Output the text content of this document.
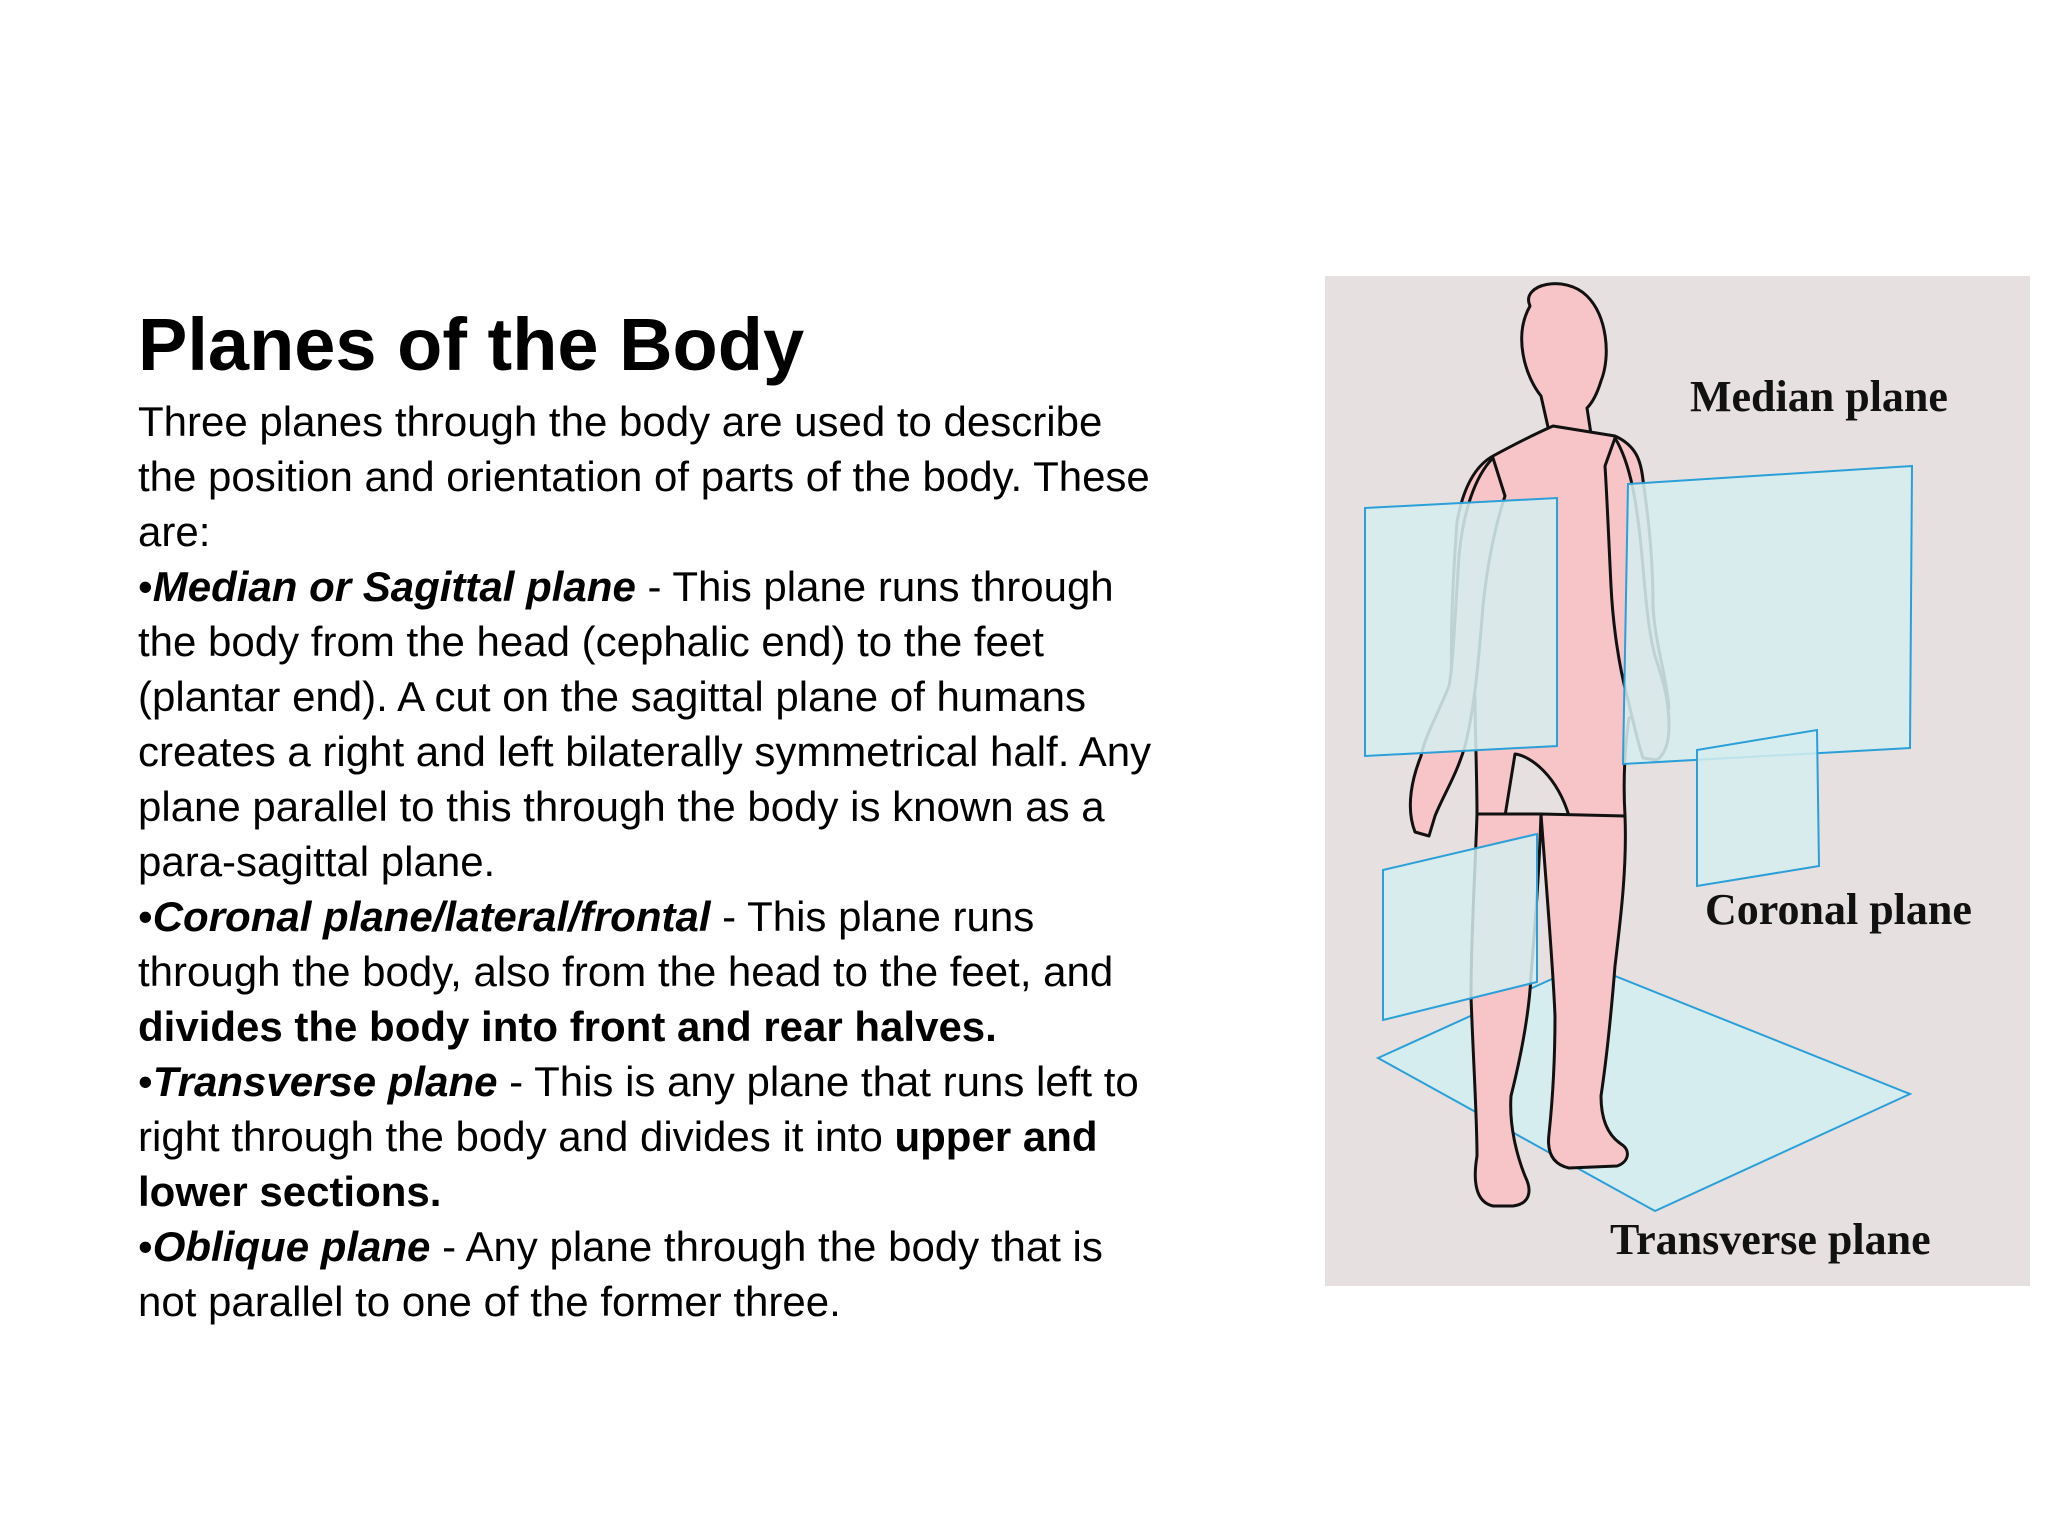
Planes of the Body

Three planes through the body are used to describe the position and orientation of parts of the body. These are:

•Median or Sagittal plane - This plane runs through the body from the head (cephalic end) to the feet (plantar end). A cut on the sagittal plane of humans creates a right and left bilaterally symmetrical half. Any plane parallel to this through the body is known as a para-sagittal plane.

•Coronal plane/lateral/frontal - This plane runs through the body, also from the head to the feet, and divides the body into front and rear halves.

•Transverse plane - This is any plane that runs left to right through the body and divides it into upper and lower sections.

•Oblique plane - Any plane through the body that is not parallel to one of the former three.

Median plane
Coronal plane
Transverse plane
